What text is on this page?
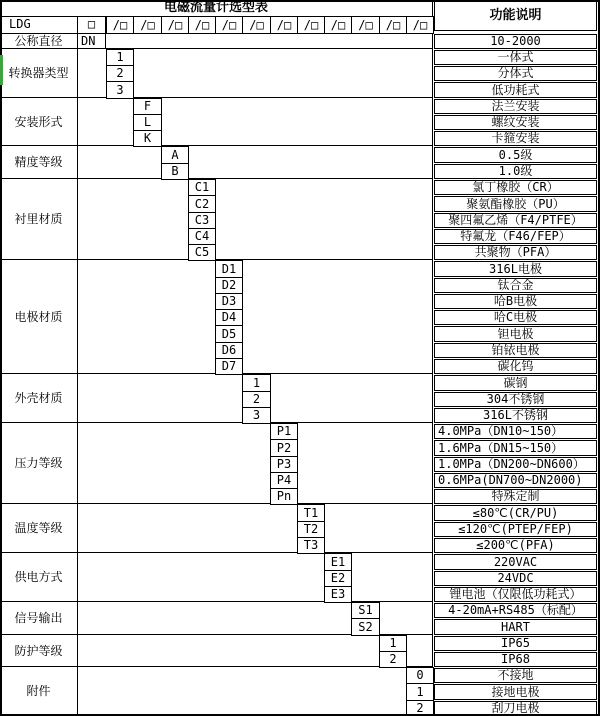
电磁流量计选型表
LDG	□	/□	/□	/□	/□	/□	/□	/□	/□	/□	/□	/□	/□
功能说明
公称直径	DN	10-2000
转换器类型
1	一体式
2	分体式
3	低功耗式
安装形式
F	法兰安装
L	螺纹安装
K	卡箍安装
精度等级
A	0.5级
B	1.0级
衬里材质
C1	氯丁橡胶（CR）
C2	聚氨酯橡胶（PU）
C3	聚四氟乙烯（F4/PTFE）
C4	特氟龙（F46/FEP）
C5	共聚物（PFA）
电极材质
D1	316L电极
D2	钛合金
D3	哈B电极
D4	哈C电极
D5	钽电极
D6	铂铱电极
D7	碳化钨
外壳材质
1	碳钢
2	304不锈钢
3	316L不锈钢
压力等级
P1	4.0MPa（DN10~150）
P2	1.6MPa（DN15~150）
P3	1.0MPa（DN200~DN600）
P4	0.6MPa(DN700~DN2000)
Pn	特殊定制
温度等级
T1	≤80℃(CR/PU)
T2	≤120℃(PTEP/FEP)
T3	≤200℃(PFA)
供电方式
E1	220VAC
E2	24VDC
E3	锂电池（仅限低功耗式）
信号输出
S1	4-20mA+RS485（标配）
S2	HART
防护等级
1	IP65
2	IP68
附件
0	不接地
1	接地电极
2	刮刀电极
